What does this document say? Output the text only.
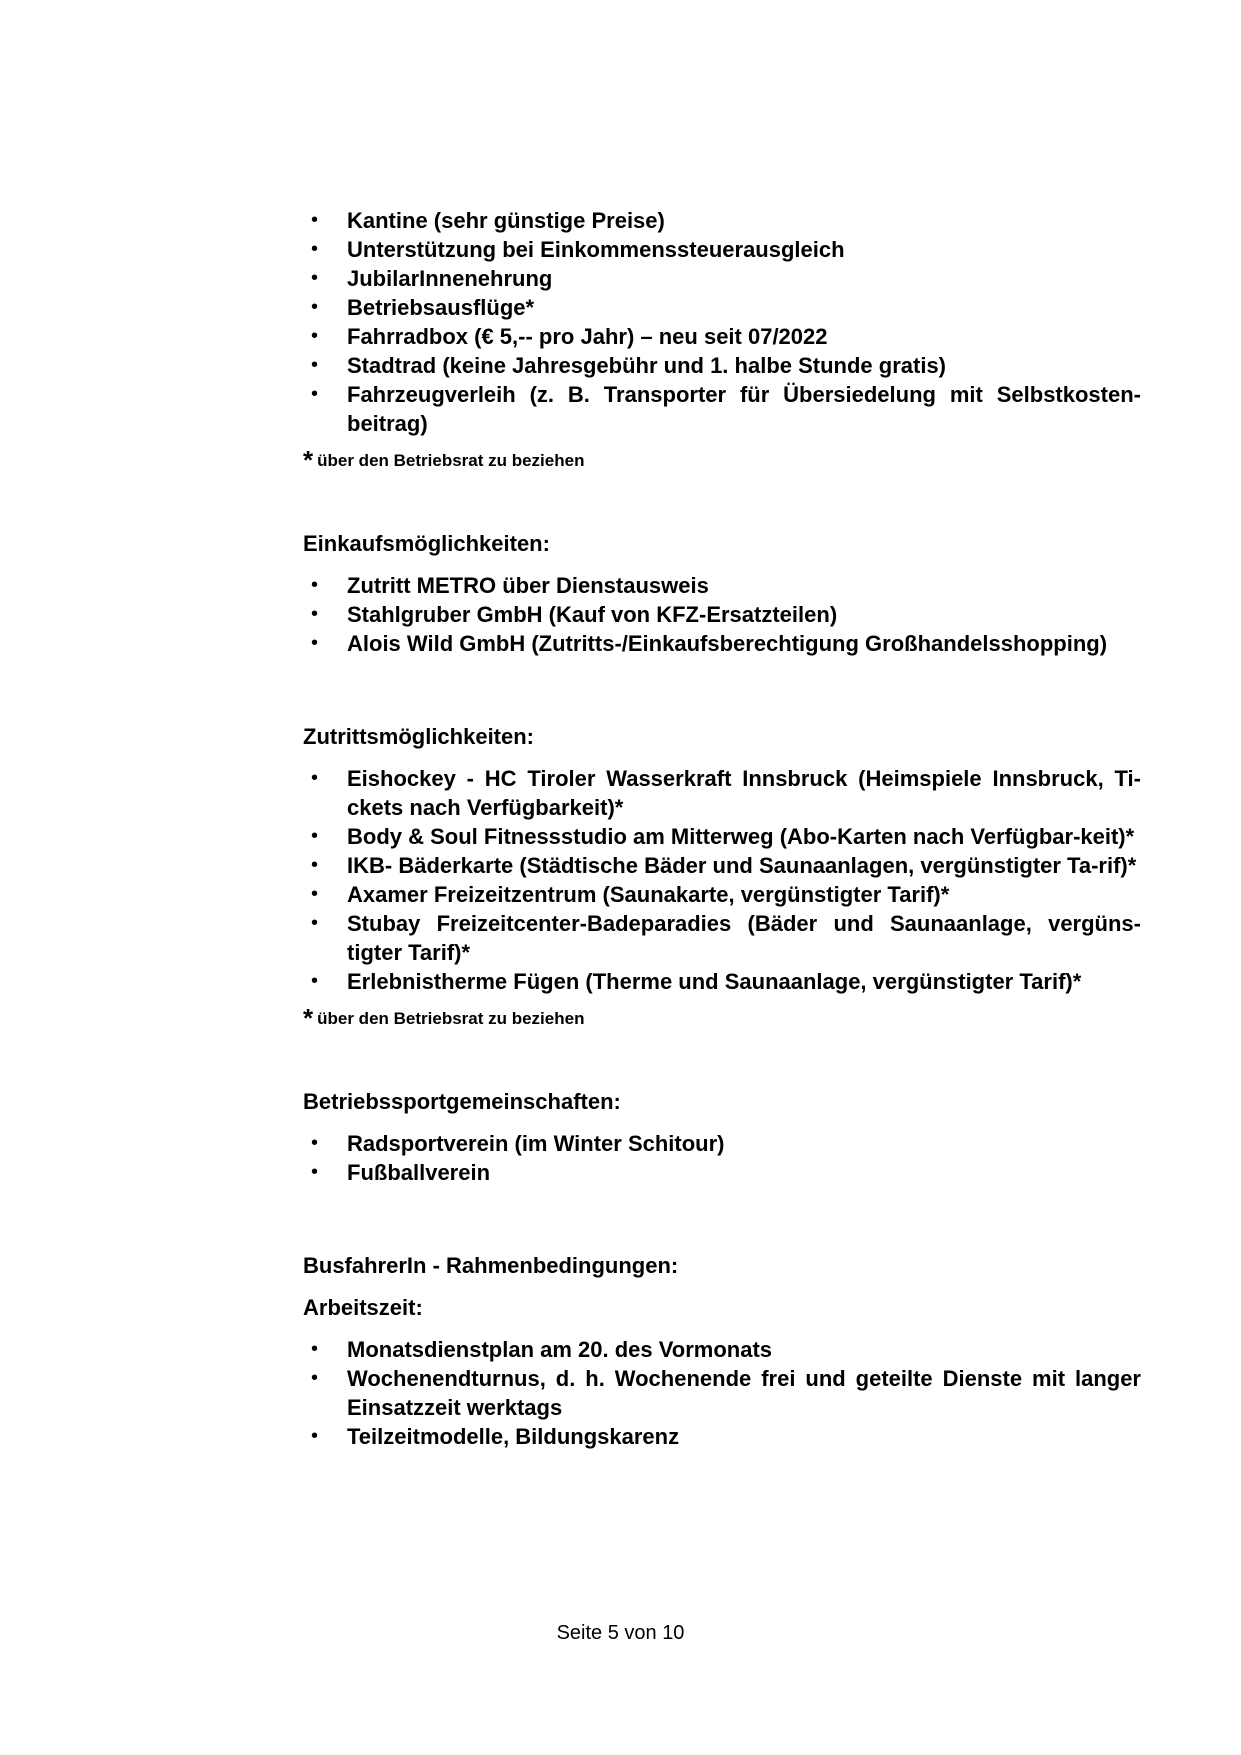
• Kantine (sehr günstige Preise)
• Unterstützung bei Einkommenssteuerausgleich
• JubilarInnenehrung
• Betriebsausflüge*
• Fahrradbox (€ 5,-- pro Jahr) – neu seit 07/2022
• Stadtrad (keine Jahresgebühr und 1. halbe Stunde gratis)
• Fahrzeugverleih (z. B. Transporter für Übersiedelung mit Selbstkosten-beitrag)
* über den Betriebsrat zu beziehen
Einkaufsmöglichkeiten:
• Zutritt METRO über Dienstausweis
• Stahlgruber GmbH (Kauf von KFZ-Ersatzteilen)
• Alois Wild GmbH (Zutritts-/Einkaufsberechtigung Großhandelsshopping)
Zutrittsmöglichkeiten:
• Eishockey - HC Tiroler Wasserkraft Innsbruck (Heimspiele Innsbruck, Ti-ckets nach Verfügbarkeit)*
• Body & Soul Fitnessstudio am Mitterweg (Abo-Karten nach Verfügbar-keit)*
• IKB- Bäderkarte (Städtische Bäder und Saunaanlagen, vergünstigter Ta-rif)*
• Axamer Freizeitzentrum (Saunakarte, vergünstigter Tarif)*
• Stubay Freizeitcenter-Badeparadies (Bäder und Saunaanlage, vergüns-tigter Tarif)*
• Erlebnistherme Fügen (Therme und Saunaanlage, vergünstigter Tarif)*
* über den Betriebsrat zu beziehen
Betriebssportgemeinschaften:
• Radsportverein (im Winter Schitour)
• Fußballverein
BusfahrerIn - Rahmenbedingungen:
Arbeitszeit:
• Monatsdienstplan am 20. des Vormonats
• Wochenendturnus, d. h. Wochenende frei und geteilte Dienste mit langer Einsatzzeit werktags
• Teilzeitmodelle, Bildungskarenz
Seite 5 von 10
